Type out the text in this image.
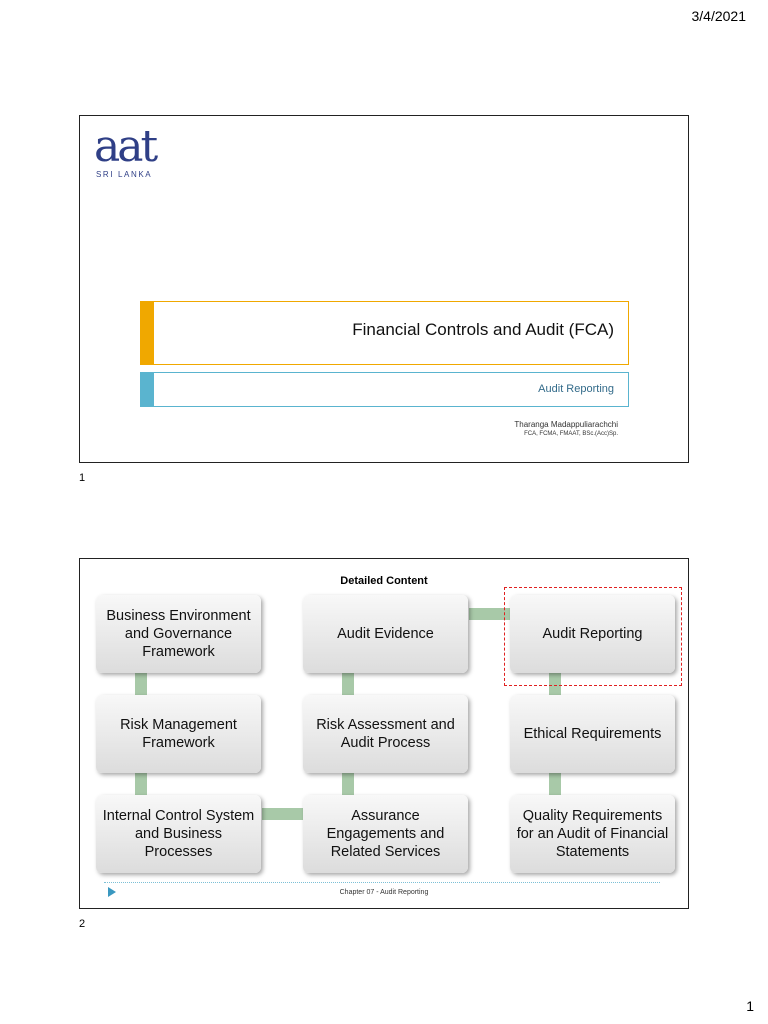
3/4/2021
aat
SRI LANKA
Financial Controls and Audit (FCA)
Audit Reporting
Tharanga Madappuliarachchi
FCA, FCMA, FMAAT, BSc.(Acc)Sp.
1
Detailed Content
Business Environment and Governance Framework
Audit Evidence	Audit Reporting
Risk Management Framework
Risk Assessment and Audit Process
Ethical Requirements
Internal Control System and Business Processes
Assurance Engagements and Related Services
Quality Requirements for an Audit of Financial Statements
Chapter 07 - Audit Reporting
2
1
